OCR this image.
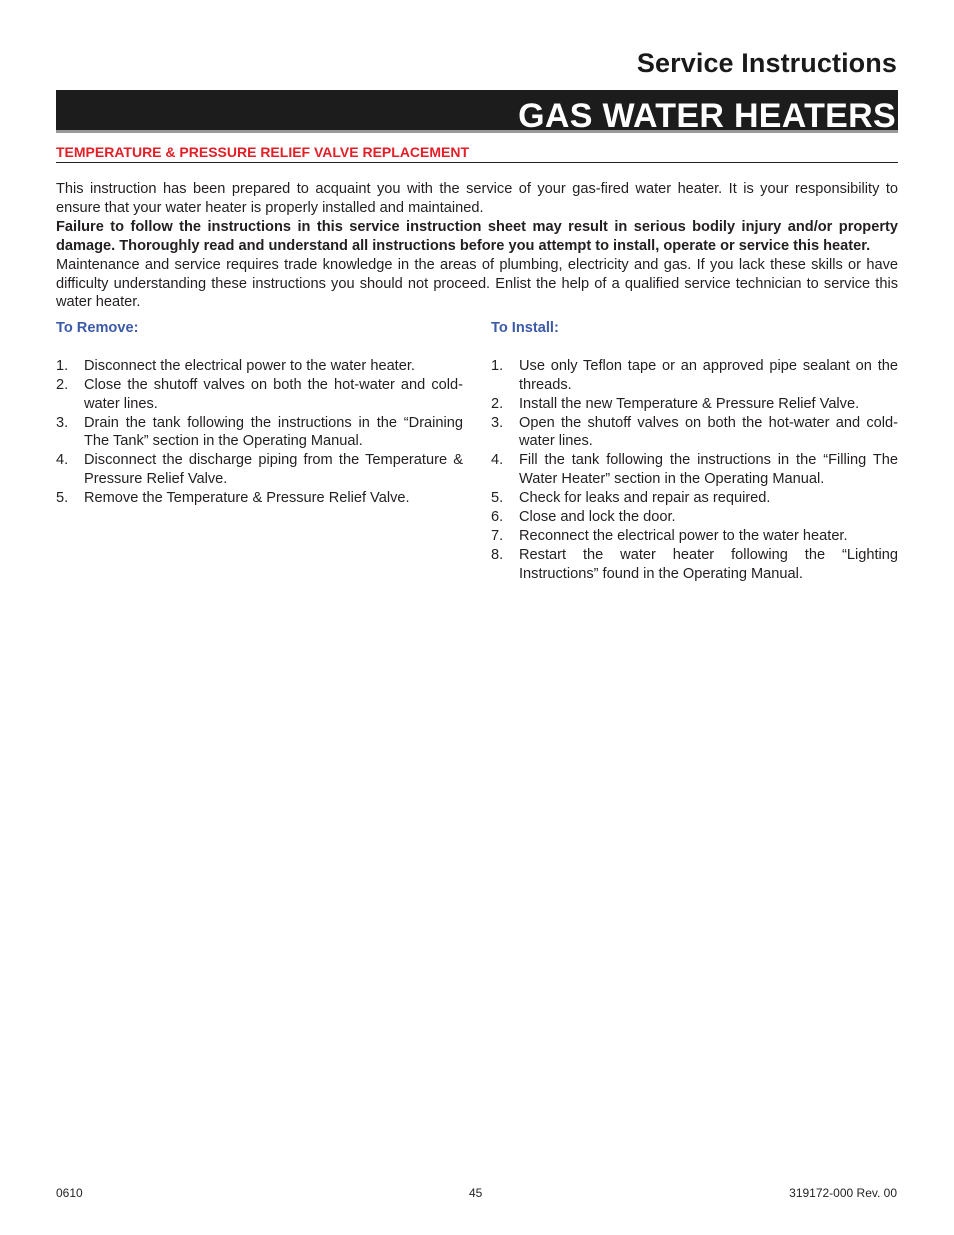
Service Instructions
GAS WATER HEATERS
TEMPERATURE & PRESSURE RELIEF VALVE REPLACEMENT

This instruction has been prepared to acquaint you with the service of your gas-fired water heater. It is your responsibility to ensure that your water heater is properly installed and maintained.

Failure to follow the instructions in this service instruction sheet may result in serious bodily injury and/or property damage. Thoroughly read and understand all instructions before you attempt to install, operate or service this heater.

Maintenance and service requires trade knowledge in the areas of plumbing, electricity and gas. If you lack these skills or have difficulty understanding these instructions you should not proceed. Enlist the help of a qualified service technician to service this water heater.

To Remove:
1. Disconnect the electrical power to the water heater.
2. Close the shutoff valves on both the hot-water and cold-water lines.
3. Drain the tank following the instructions in the “Draining The Tank” section in the Operating Manual.
4. Disconnect the discharge piping from the Temperature & Pressure Relief Valve.
5. Remove the Temperature & Pressure Relief Valve.
To Install:
1. Use only Teflon tape or an approved pipe sealant on the threads.
2. Install the new Temperature & Pressure Relief Valve.
3. Open the shutoff valves on both the hot-water and cold-water lines.
4. Fill the tank following the instructions in the “Filling The Water Heater” section in the Operating Manual.
5. Check for leaks and repair as required.
6. Close and lock the door.
7. Reconnect the electrical power to the water heater.
8. Restart the water heater following the “Lighting Instructions” found in the Operating Manual.
0610	45	319172-000 Rev. 00
